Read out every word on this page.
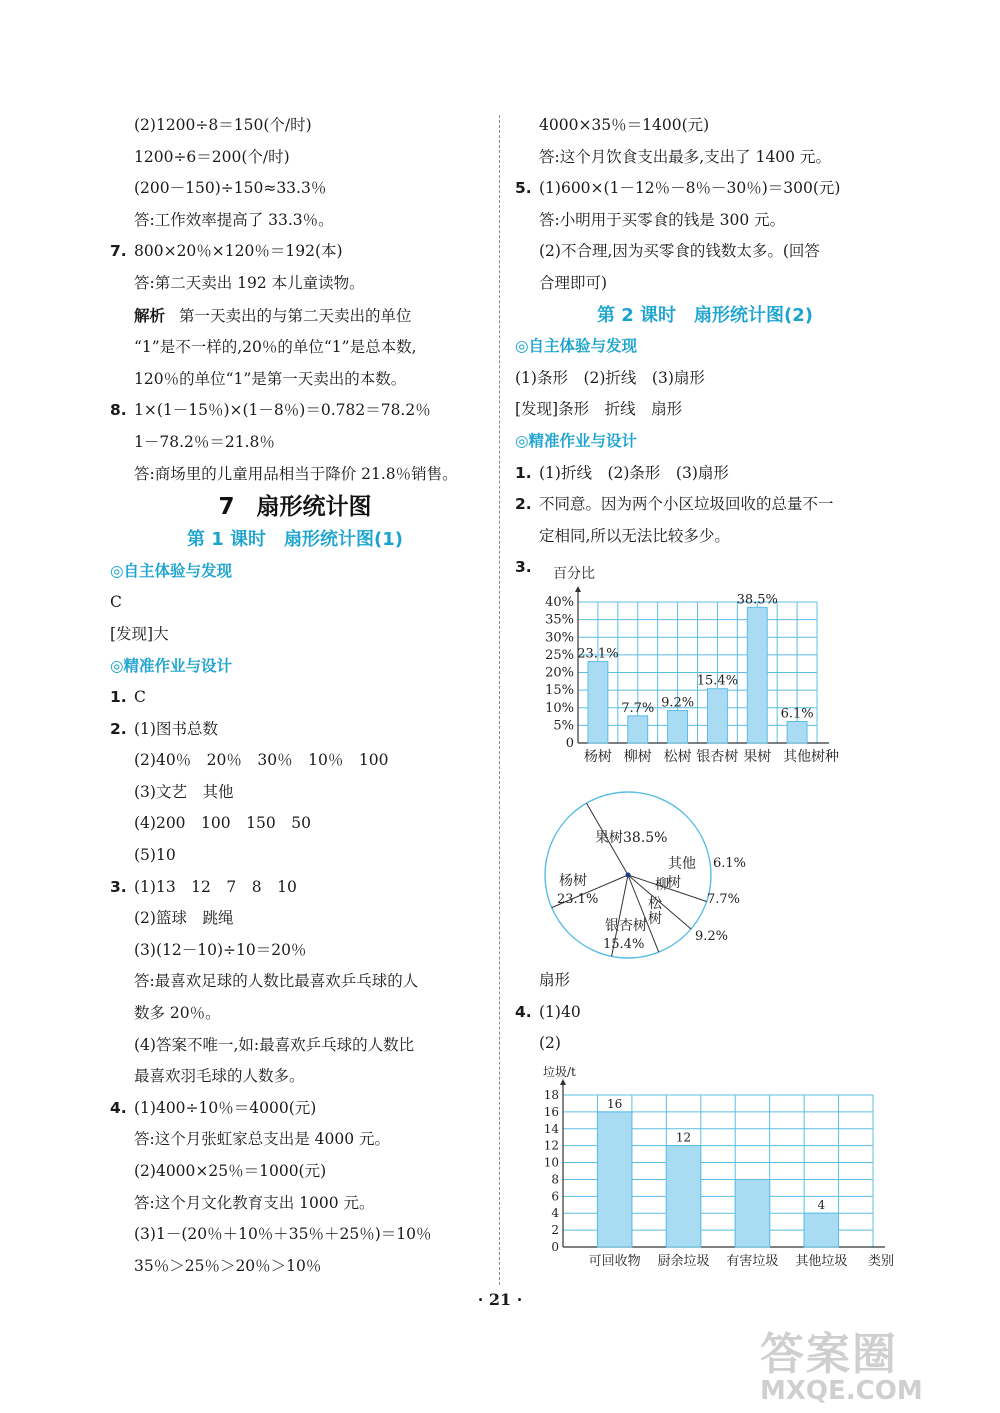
(2)1200÷8＝150(个/时)
1200÷6＝200(个/时)
(200－150)÷150≈33.3％
答:工作效率提高了 33.3％。
7. 800×20％×120％＝192(本)
答:第二天卖出 192 本儿童读物。
解析 第一天卖出的与第二天卖出的单位
“1”是不一样的,20％的单位“1”是总本数,
120％的单位“1”是第一天卖出的本数。
8. 1×(1－15％)×(1－8％)＝0.782＝78.2％
1－78.2％＝21.8％
答:商场里的儿童用品相当于降价 21.8％销售。
7 扇形统计图
第 1 课时　扇形统计图(1)
◎自主体验与发现
C
[发现]大
◎精准作业与设计
1. C
2. (1)图书总数
(2)40％　20％　30％　10％　100
(3)文艺　其他
(4)200　100　150　50
(5)10
3. (1)13　12　7　8　10
(2)篮球　跳绳
(3)(12－10)÷10＝20％
答:最喜欢足球的人数比最喜欢乒乓球的人
数多 20％。
(4)答案不唯一,如:最喜欢乒乓球的人数比
最喜欢羽毛球的人数多。
4. (1)400÷10％＝4000(元)
答:这个月张虹家总支出是 4000 元。
(2)4000×25％＝1000(元)
答:这个月文化教育支出 1000 元。
(3)1－(20％＋10％＋35％＋25％)＝10％
35％＞25％＞20％＞10％
4000×35％＝1400(元)
答:这个月饮食支出最多,支出了 1400 元。
5. (1)600×(1－12％－8％－30％)＝300(元)
答:小明用于买零食的钱是 300 元。
(2)不合理,因为买零食的钱数太多。(回答
合理即可)
第 2 课时　扇形统计图(2)
◎自主体验与发现
(1)条形　(2)折线　(3)扇形
[发现]条形　折线　扇形
◎精准作业与设计
1. (1)折线　(2)条形　(3)扇形
2. 不同意。因为两个小区垃圾回收的总量不一
定相同,所以无法比较多少。
3.
0
5%
10%
15%
20%
25%
30%
35%
40%
百分比
23.1%
杨树
7.7%
柳树
9.2%
松树
15.4%
银杏树
38.5%
果树
6.1%
其他 树种
果树38.5%
其他 6.1%
柳
树
7.7%
松
树
9.2%
银杏树
15.4%
杨树
23.1%
扇形
4. (1)40
(2)
0
2
4
6
8
10
12
14
16
18
垃圾/t
16
可回收物
12
厨余垃圾
8
有害垃圾
4
其他垃圾 类别
· 21 ·
答案圈
MXQE.COM
